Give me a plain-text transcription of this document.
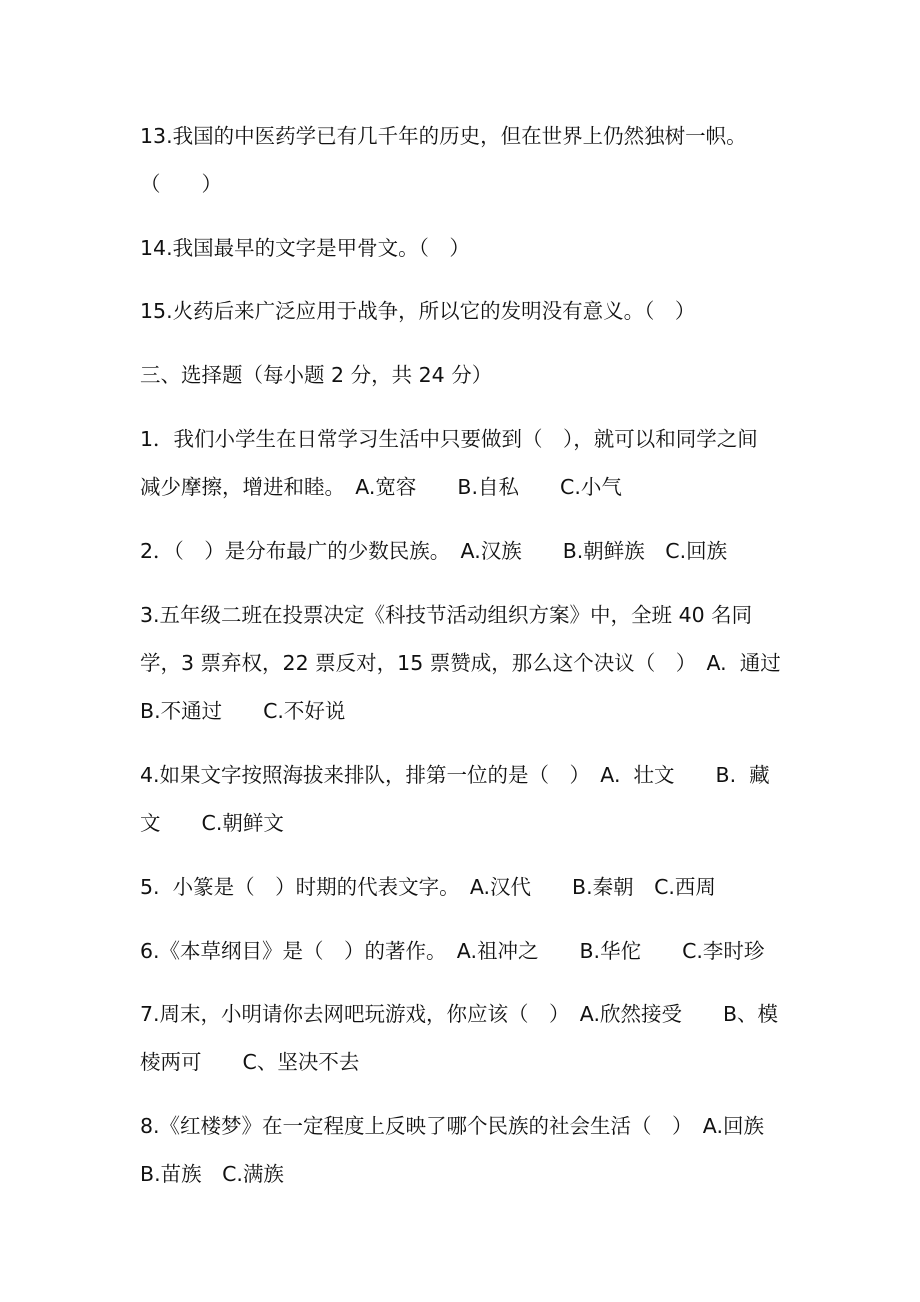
13.我国的中医药学已有几千年的历史，但在世界上仍然独树一帜。
（　　）
14.我国最早的文字是甲骨文。（　）
15.火药后来广泛应用于战争，所以它的发明没有意义。（　）
三、选择题（每小题 2 分，共 24 分）
1．我们小学生在日常学习生活中只要做到（　），就可以和同学之间
减少摩擦，增进和睦。　A.宽容　　B.自私　　C.小气
2．（　）是分布最广的少数民族。　A.汉族　　B.朝鲜族　C.回族
3.五年级二班在投票决定《科技节活动组织方案》中，全班 40 名同
学，3 票弃权，22 票反对，15 票赞成，那么这个决议（　）　A.  通过
B.不通过　　C.不好说
4.如果文字按照海拔来排队，排第一位的是（　）　A.  壮文　　B.  藏
文　　C.朝鲜文
5.  小篆是（　）时期的代表文字。　A.汉代　　B.秦朝　C.西周
6.《本草纲目》是（　）的著作。　A.祖冲之　　B.华佗　　C.李时珍
7.周末，小明请你去网吧玩游戏，你应该（　）　A.欣然接受　　B、模
棱两可　　C、坚决不去
8.《红楼梦》在一定程度上反映了哪个民族的社会生活（　）　A.回族
B.苗族　C.满族
